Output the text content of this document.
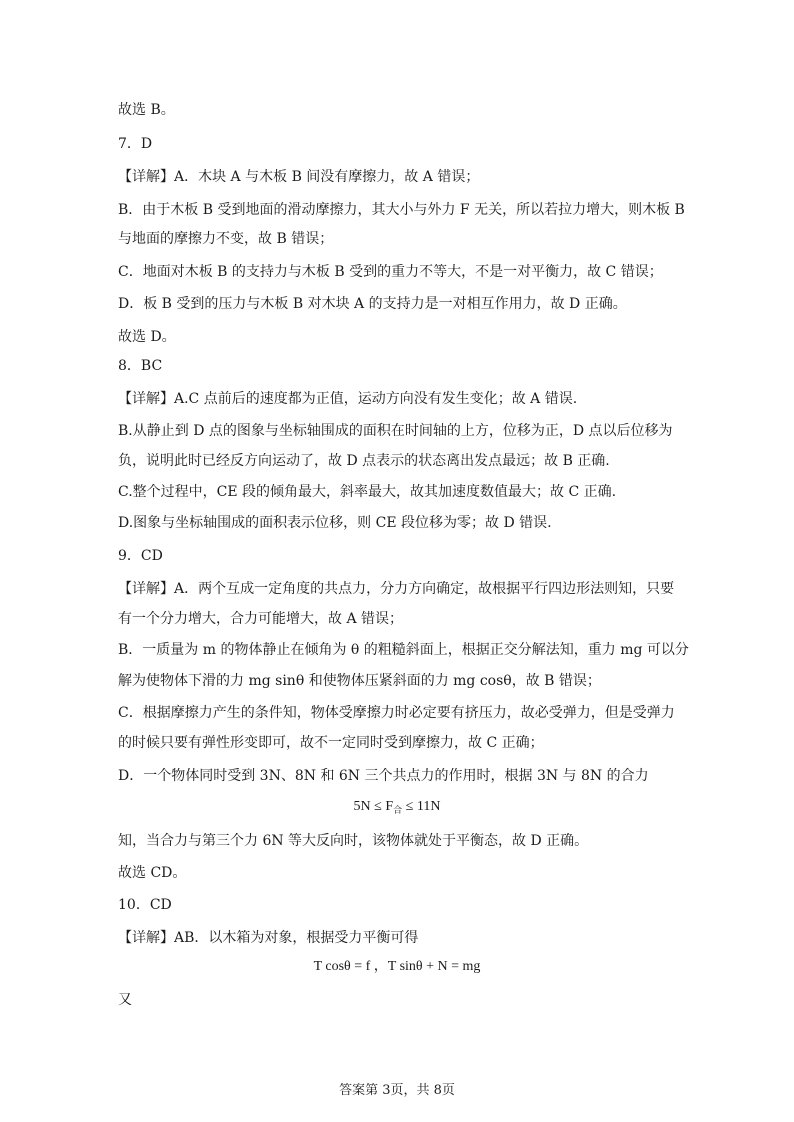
故选 B。
7．D
【详解】A．木块 A 与木板 B 间没有摩擦力，故 A 错误；
B．由于木板 B 受到地面的滑动摩擦力，其大小与外力 F 无关，所以若拉力增大，则木板 B
与地面的摩擦力不变，故 B 错误；
C．地面对木板 B 的支持力与木板 B 受到的重力不等大，不是一对平衡力，故 C 错误；
D．板 B 受到的压力与木板 B 对木块 A 的支持力是一对相互作用力，故 D 正确。
故选 D。
8．BC
【详解】A.C 点前后的速度都为正值，运动方向没有发生变化；故 A 错误.
B.从静止到 D 点的图象与坐标轴围成的面积在时间轴的上方，位移为正，D 点以后位移为
负，说明此时已经反方向运动了，故 D 点表示的状态离出发点最远；故 B 正确.
C.整个过程中，CE 段的倾角最大，斜率最大，故其加速度数值最大；故 C 正确.
D.图象与坐标轴围成的面积表示位移，则 CE 段位移为零；故 D 错误.
9．CD
【详解】A．两个互成一定角度的共点力，分力方向确定，故根据平行四边形法则知，只要
有一个分力增大，合力可能增大，故 A 错误；
B．一质量为 m 的物体静止在倾角为 θ 的粗糙斜面上，根据正交分解法知，重力 mg 可以分
解为使物体下滑的力 mg sinθ 和使物体压紧斜面的力 mg cosθ，故 B 错误；
C．根据摩擦力产生的条件知，物体受摩擦力时必定要有挤压力，故必受弹力，但是受弹力
的时候只要有弹性形变即可，故不一定同时受到摩擦力，故 C 正确；
D．一个物体同时受到 3N、8N 和 6N 三个共点力的作用时，根据 3N 与 8N 的合力
$5N \le F_合 \le 11N$
知，当合力与第三个力 6N 等大反向时，该物体就处于平衡态，故 D 正确。
故选 CD。
10．CD
【详解】AB．以木箱为对象，根据受力平衡可得
T cosθ = f ，T sinθ + N = mg
又
答案第 3页，共 8页
